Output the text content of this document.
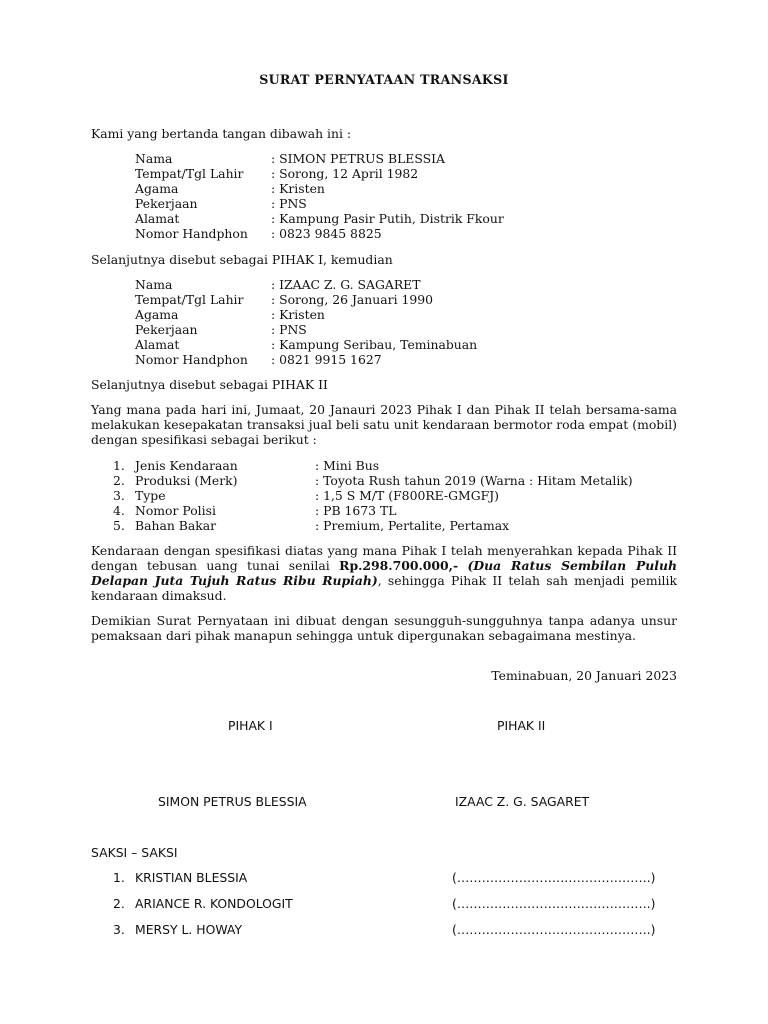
SURAT PERNYATAAN TRANSAKSI
Kami yang bertanda tangan dibawah ini :
Nama	: SIMON PETRUS BLESSIA
Tempat/Tgl Lahir : Sorong, 12 April 1982
Agama	: Kristen
Pekerjaan	: PNS
Alamat	: Kampung Pasir Putih, Distrik Fkour
Nomor Handphon : 0823 9845 8825
Selanjutnya disebut sebagai PIHAK I, kemudian
Nama	: IZAAC Z. G. SAGARET
Tempat/Tgl Lahir : Sorong, 26 Januari 1990
Agama	: Kristen
Pekerjaan	: PNS
Alamat	: Kampung Seribau, Teminabuan
Nomor Handphon : 0821 9915 1627
Selanjutnya disebut sebagai PIHAK II
Yang mana pada hari ini, Jumaat, 20 Janauri 2023 Pihak I dan Pihak II telah bersama-sama melakukan kesepakatan transaksi jual beli satu unit kendaraan bermotor roda empat (mobil) dengan spesifikasi sebagai berikut :
1. Jenis Kendaraan	: Mini Bus
2. Produksi (Merk)	: Toyota Rush tahun 2019 (Warna : Hitam Metalik)
3. Type	: 1,5 S M/T (F800RE-GMGFJ)
4. Nomor Polisi	: PB 1673 TL
5. Bahan Bakar	: Premium, Pertalite, Pertamax
Kendaraan dengan spesifikasi diatas yang mana Pihak I telah menyerahkan kepada Pihak II dengan tebusan uang tunai senilai Rp.298.700.000,- (Dua Ratus Sembilan Puluh Delapan Juta Tujuh Ratus Ribu Rupiah), sehingga Pihak II telah sah menjadi pemilik kendaraan dimaksud.
Demikian Surat Pernyataan ini dibuat dengan sesungguh-sungguhnya tanpa adanya unsur pemaksaan dari pihak manapun sehingga untuk dipergunakan sebagaimana mestinya.
Teminabuan, 20 Januari 2023
PIHAK I	PIHAK II
SIMON PETRUS BLESSIA	IZAAC Z. G. SAGARET
SAKSI – SAKSI
1. KRISTIAN BLESSIA	(………………………………………..)
2. ARIANCE R. KONDOLOGIT	(………………………………………..)
3. MERSY L. HOWAY	(………………………………………..)
